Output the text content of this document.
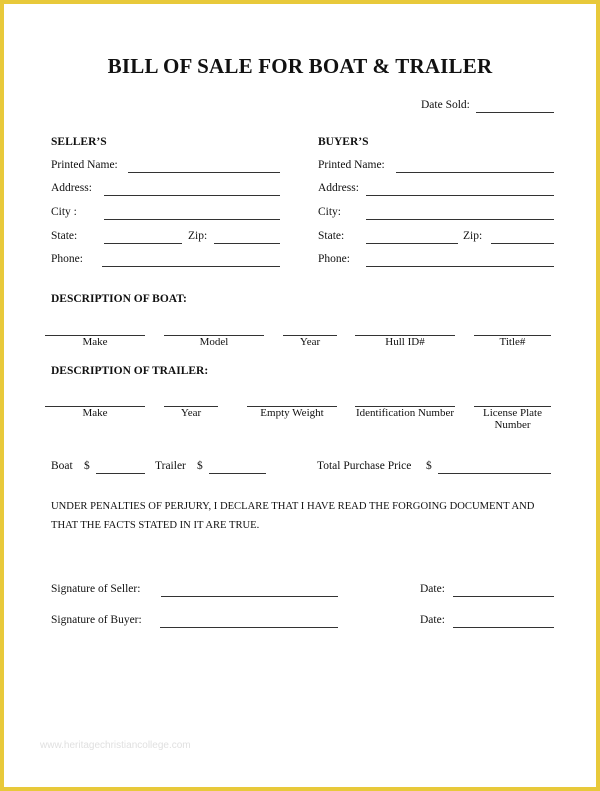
BILL OF SALE FOR BOAT & TRAILER
Date Sold:
SELLER’S
Printed Name:
Address:
City :
State:	Zip:
Phone:
BUYER’S
Printed Name:
Address:
City:
State:	Zip:
Phone:
DESCRIPTION OF BOAT:
Make	Model	Year	Hull ID#	Title#
DESCRIPTION OF TRAILER:
Make	Year	Empty Weight	Identification Number	License Plate Number
Boat $	Trailer $	Total Purchase Price $
UNDER PENALTIES OF PERJURY, I DECLARE THAT I HAVE READ THE FORGOING DOCUMENT AND
THAT THE FACTS STATED IN IT ARE TRUE.
Signature of Seller:	Date:
Signature of Buyer:	Date:
www.heritagechristiancollege.com
